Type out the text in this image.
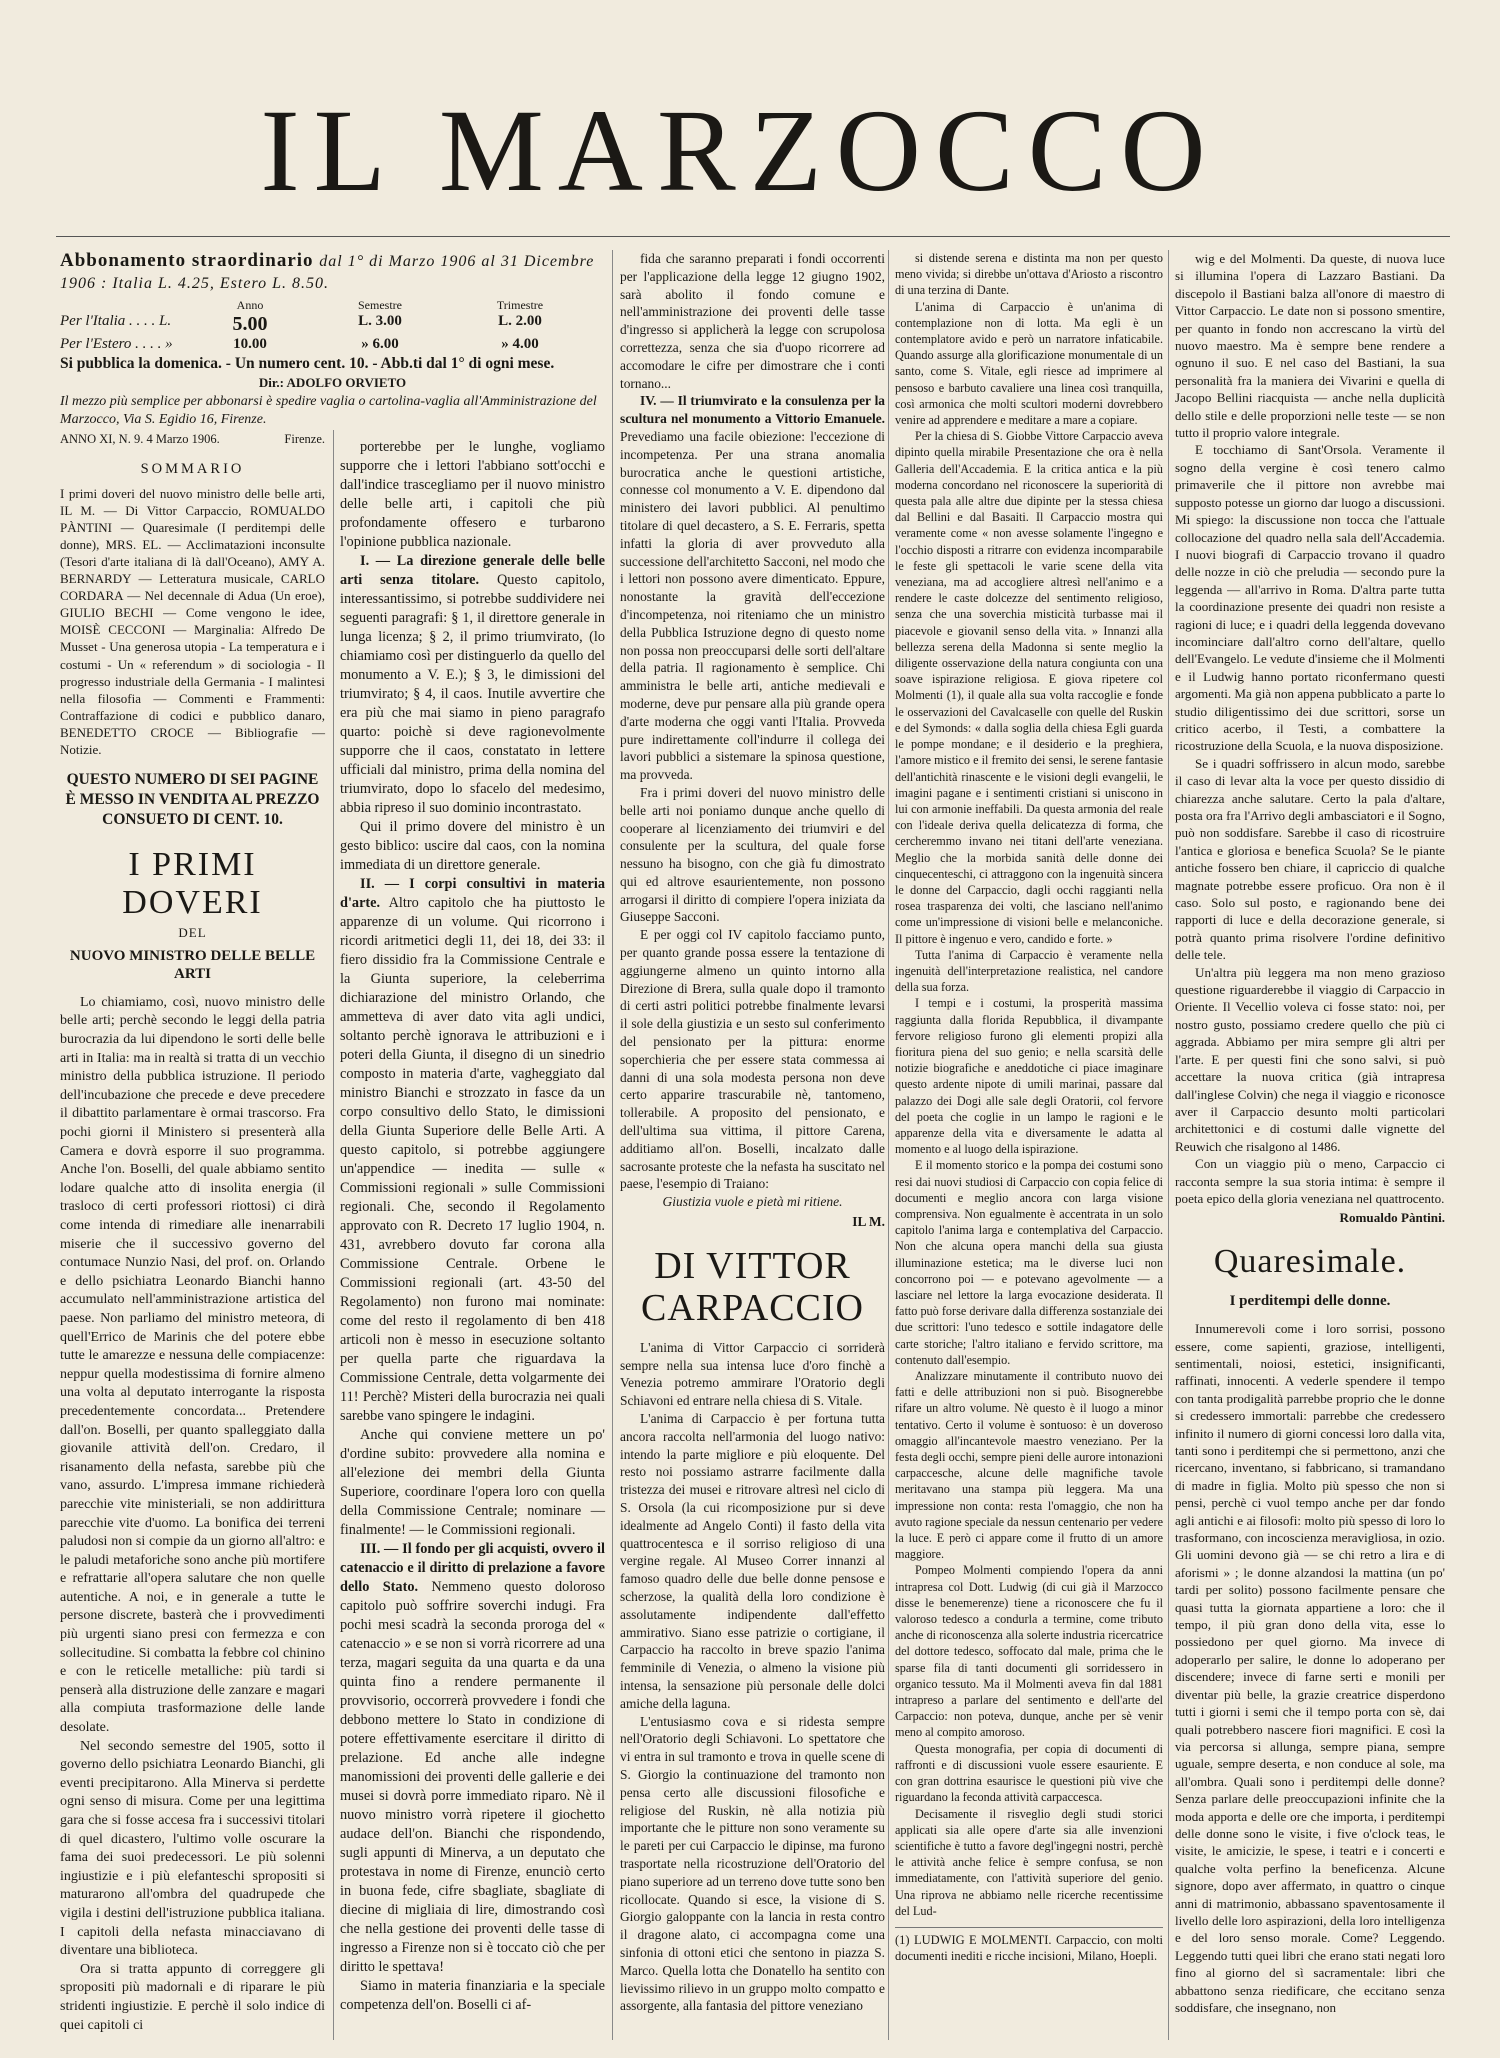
IL MARZOCCO
Abbonamento straordinario dal 1° di Marzo 1906 al 31 Dicembre 1906 : Italia L. 4.25, Estero L. 8.50.
Anno	Semestre	Trimestre
Per l'Italia . . . . L.	5.00	L. 3.00	L. 2.00
Per l'Estero . . . . »	10.00	» 6.00	» 4.00
Si pubblica la domenica. - Un numero cent. 10. - Abb.ti dal 1° di ogni mese.
Dir.: ADOLFO ORVIETO
Il mezzo più semplice per abbonarsi è spedire vaglia o cartolina-vaglia all'Amministrazione del Marzocco, Via S. Egidio 16, Firenze.
ANNO XI, N. 9. 4 Marzo 1906.	Firenze.
SOMMARIO
I primi doveri del nuovo ministro delle belle arti, IL M. — Di Vittor Carpaccio, ROMUALDO PÀNTINI — Quaresimale (I perditempi delle donne), MRS. EL. — Acclimatazioni inconsulte (Tesori d'arte italiana di là dall'Oceano), AMY A. BERNARDY — Letteratura musicale, CARLO CORDARA — Nel decennale di Adua (Un eroe), GIULIO BECHI — Come vengono le idee, MOISÈ CECCONI — Marginalia: Alfredo De Musset - Una generosa utopia - La temperatura e i costumi - Un « referendum » di sociologia - Il progresso industriale della Germania - I malintesi nella filosofia — Commenti e Frammenti: Contraffazione di codici e pubblico danaro, BENEDETTO CROCE — Bibliografie — Notizie.
QUESTO NUMERO DI SEI PAGINE È MESSO IN VENDITA AL PREZZO CONSUETO DI CENT. 10.
I PRIMI DOVERI
DEL
NUOVO MINISTRO DELLE BELLE ARTI

Lo chiamiamo, così, nuovo ministro delle belle arti; perchè secondo le leggi della patria burocrazia da lui dipendono le sorti delle belle arti in Italia: ma in realtà si tratta di un vecchio ministro della pubblica istruzione. Il periodo dell'incubazione che precede e deve precedere il dibattito parlamentare è ormai trascorso. Fra pochi giorni il Ministero si presenterà alla Camera e dovrà esporre il suo programma. Anche l'on. Boselli, del quale abbiamo sentito lodare qualche atto di insolita energia (il trasloco di certi professori riottosi) ci dirà come intenda di rimediare alle inenarrabili miserie che il successivo governo del contumace Nunzio Nasi, del prof. on. Orlando e dello psichiatra Leonardo Bianchi hanno accumulato nell'amministrazione artistica del paese. Non parliamo del ministro meteora, di quell'Errico de Marinis che del potere ebbe tutte le amarezze e nessuna delle compiacenze: neppur quella modestissima di fornire almeno una volta al deputato interrogante la risposta precedentemente concordata... Pretendere dall'on. Boselli, per quanto spalleggiato dalla giovanile attività dell'on. Credaro, il risanamento della nefasta, sarebbe più che vano, assurdo. L'impresa immane richiederà parecchie vite ministeriali, se non addirittura parecchie vite d'uomo. La bonifica dei terreni paludosi non si compie da un giorno all'altro: e le paludi metaforiche sono anche più mortifere e refrattarie all'opera salutare che non quelle autentiche. A noi, e in generale a tutte le persone discrete, basterà che i provvedimenti più urgenti siano presi con fermezza e con sollecitudine. Si combatta la febbre col chinino e con le reticelle metalliche: più tardi si penserà alla distruzione delle zanzare e magari alla compiuta trasformazione delle lande desolate.

Nel secondo semestre del 1905, sotto il governo dello psichiatra Leonardo Bianchi, gli eventi precipitarono. Alla Minerva si perdette ogni senso di misura. Come per una legittima gara che si fosse accesa fra i successivi titolari di quel dicastero, l'ultimo volle oscurare la fama dei suoi predecessori. Le più solenni ingiustizie e i più elefanteschi spropositi si maturarono all'ombra del quadrupede che vigila i destini dell'istruzione pubblica italiana. I capitoli della nefasta minacciavano di diventare una biblioteca.

Ora si tratta appunto di correggere gli spropositi più madornali e di riparare le più stridenti ingiustizie. E perchè il solo indice di quei capitoli ci

porterebbe per le lunghe, vogliamo supporre che i lettori l'abbiano sott'occhi e dall'indice trascegliamo per il nuovo ministro delle belle arti, i capitoli che più profondamente offesero e turbarono l'opinione pubblica nazionale.

I. — La direzione generale delle belle arti senza titolare. Questo capitolo, interessantissimo, si potrebbe suddividere nei seguenti paragrafi: § 1, il direttore generale in lunga licenza; § 2, il primo triumvirato, (lo chiamiamo così per distinguerlo da quello del monumento a V. E.); § 3, le dimissioni del triumvirato; § 4, il caos. Inutile avvertire che era più che mai siamo in pieno paragrafo quarto: poichè si deve ragionevolmente supporre che il caos, constatato in lettere ufficiali dal ministro, prima della nomina del triumvirato, dopo lo sfacelo del medesimo, abbia ripreso il suo dominio incontrastato.

Qui il primo dovere del ministro è un gesto biblico: uscire dal caos, con la nomina immediata di un direttore generale.

II. — I corpi consultivi in materia d'arte. Altro capitolo che ha piuttosto le apparenze di un volume. Qui ricorrono i ricordi aritmetici degli 11, dei 18, dei 33: il fiero dissidio fra la Commissione Centrale e la Giunta superiore, la celeberrima dichiarazione del ministro Orlando, che ammetteva di aver dato vita agli undici, soltanto perchè ignorava le attribuzioni e i poteri della Giunta, il disegno di un sinedrio composto in materia d'arte, vagheggiato dal ministro Bianchi e strozzato in fasce da un corpo consultivo dello Stato, le dimissioni della Giunta Superiore delle Belle Arti. A questo capitolo, si potrebbe aggiungere un'appendice — inedita — sulle « Commissioni regionali » sulle Commissioni regionali. Che, secondo il Regolamento approvato con R. Decreto 17 luglio 1904, n. 431, avrebbero dovuto far corona alla Commissione Centrale. Orbene le Commissioni regionali (art. 43-50 del Regolamento) non furono mai nominate: come del resto il regolamento di ben 418 articoli non è messo in esecuzione soltanto per quella parte che riguardava la Commissione Centrale, detta volgarmente dei 11! Perchè? Misteri della burocrazia nei quali sarebbe vano spingere le indagini.

Anche qui conviene mettere un po' d'ordine subito: provvedere alla nomina e all'elezione dei membri della Giunta Superiore, coordinare l'opera loro con quella della Commissione Centrale; nominare — finalmente! — le Commissioni regionali.

III. — Il fondo per gli acquisti, ovvero il catenaccio e il diritto di prelazione a favore dello Stato. Nemmeno questo doloroso capitolo può soffrire soverchi indugi. Fra pochi mesi scadrà la seconda proroga del « catenaccio » e se non si vorrà ricorrere ad una terza, magari seguita da una quarta e da una quinta fino a rendere permanente il provvisorio, occorrerà provvedere i fondi che debbono mettere lo Stato in condizione di potere effettivamente esercitare il diritto di prelazione. Ed anche alle indegne manomissioni dei proventi delle gallerie e dei musei si dovrà porre immediato riparo. Nè il nuovo ministro vorrà ripetere il giochetto audace dell'on. Bianchi che rispondendo, sugli appunti di Minerva, a un deputato che protestava in nome di Firenze, enunciò certo in buona fede, cifre sbagliate, sbagliate di diecine di migliaia di lire, dimostrando così che nella gestione dei proventi delle tasse di ingresso a Firenze non si è toccato ciò che per diritto le spettava!

Siamo in materia finanziaria e la speciale competenza dell'on. Boselli ci af-

fida che saranno preparati i fondi occorrenti per l'applicazione della legge 12 giugno 1902, sarà abolito il fondo comune e nell'amministrazione dei proventi delle tasse d'ingresso si applicherà la legge con scrupolosa correttezza, senza che sia d'uopo ricorrere ad accomodare le cifre per dimostrare che i conti tornano...

IV. — Il triumvirato e la consulenza per la scultura nel monumento a Vittorio Emanuele. Prevediamo una facile obiezione: l'eccezione di incompetenza. Per una strana anomalia burocratica anche le questioni artistiche, connesse col monumento a V. E. dipendono dal ministero dei lavori pubblici. Al penultimo titolare di quel decastero, a S. E. Ferraris, spetta infatti la gloria di aver provveduto alla successione dell'architetto Sacconi, nel modo che i lettori non possono avere dimenticato. Eppure, nonostante la gravità dell'eccezione d'incompetenza, noi riteniamo che un ministro della Pubblica Istruzione degno di questo nome non possa non preoccuparsi delle sorti dell'altare della patria. Il ragionamento è semplice. Chi amministra le belle arti, antiche medievali e moderne, deve pur pensare alla più grande opera d'arte moderna che oggi vanti l'Italia. Provveda pure indirettamente coll'indurre il collega dei lavori pubblici a sistemare la spinosa questione, ma provveda.

Fra i primi doveri del nuovo ministro delle belle arti noi poniamo dunque anche quello di cooperare al licenziamento dei triumviri e del consulente per la scultura, del quale forse nessuno ha bisogno, con che già fu dimostrato qui ed altrove esaurientemente, non possono arrogarsi il diritto di compiere l'opera iniziata da Giuseppe Sacconi.

E per oggi col IV capitolo facciamo punto, per quanto grande possa essere la tentazione di aggiungerne almeno un quinto intorno alla Direzione di Brera, sulla quale dopo il tramonto di certi astri politici potrebbe finalmente levarsi il sole della giustizia e un sesto sul conferimento del pensionato per la pittura: enorme soperchieria che per essere stata commessa ai danni di una sola modesta persona non deve certo apparire trascurabile nè, tantomeno, tollerabile. A proposito del pensionato, e dell'ultima sua vittima, il pittore Carena, additiamo all'on. Boselli, incalzato dalle sacrosante proteste che la nefasta ha suscitato nel paese, l'esempio di Traiano:

Giustizia vuole e pietà mi ritiene.
IL M.
DI VITTOR CARPACCIO

L'anima di Vittor Carpaccio ci sorriderà sempre nella sua intensa luce d'oro finchè a Venezia potremo ammirare l'Oratorio degli Schiavoni ed entrare nella chiesa di S. Vitale.

L'anima di Carpaccio è per fortuna tutta ancora raccolta nell'armonia del luogo nativo: intendo la parte migliore e più eloquente. Del resto noi possiamo astrarre facilmente dalla tristezza dei musei e ritrovare altresì nel ciclo di S. Orsola (la cui ricomposizione pur si deve idealmente ad Angelo Conti) il fasto della vita quattrocentesca e il sorriso religioso di una vergine regale. Al Museo Correr innanzi al famoso quadro delle due belle donne pensose e scherzose, la qualità della loro condizione è assolutamente indipendente dall'effetto ammirativo. Siano esse patrizie o cortigiane, il Carpaccio ha raccolto in breve spazio l'anima femminile di Venezia, o almeno la visione più intensa, la sensazione più personale delle dolci amiche della laguna.

L'entusiasmo cova e si ridesta sempre nell'Oratorio degli Schiavoni. Lo spettatore che vi entra in sul tramonto e trova in quelle scene di S. Giorgio la continuazione del tramonto non pensa certo alle discussioni filosofiche e religiose del Ruskin, nè alla notizia più importante che le pitture non sono veramente su le pareti per cui Carpaccio le dipinse, ma furono trasportate nella ricostruzione dell'Oratorio del piano superiore ad un terreno dove tutte sono ben ricollocate. Quando si esce, la visione di S. Giorgio galoppante con la lancia in resta contro il dragone alato, ci accompagna come una sinfonia di ottoni etici che sentono in piazza S. Marco. Quella lotta che Donatello ha sentito con lievissimo rilievo in un gruppo molto compatto e assorgente, alla fantasia del pittore veneziano

si distende serena e distinta ma non per questo meno vivida; si direbbe un'ottava d'Ariosto a riscontro di una terzina di Dante.

L'anima di Carpaccio è un'anima di contemplazione non di lotta. Ma egli è un contemplatore avido e però un narratore infaticabile. Quando assurge alla glorificazione monumentale di un santo, come S. Vitale, egli riesce ad imprimere al pensoso e barbuto cavaliere una linea così tranquilla, così armonica che molti scultori moderni dovrebbero venire ad apprendere e meditare a mare a copiare.

Per la chiesa di S. Giobbe Vittore Carpaccio aveva dipinto quella mirabile Presentazione che ora è nella Galleria dell'Accademia. E la critica antica e la più moderna concordano nel riconoscere la superiorità di questa pala alle altre due dipinte per la stessa chiesa dal Bellini e dal Basaiti. Il Carpaccio mostra qui veramente come « non avesse solamente l'ingegno e l'occhio disposti a ritrarre con evidenza incomparabile le feste gli spettacoli le varie scene della vita veneziana, ma ad accogliere altresì nell'animo e a rendere le caste dolcezze del sentimento religioso, senza che una soverchia misticità turbasse mai il piacevole e giovanil senso della vita. » Innanzi alla bellezza serena della Madonna si sente meglio la diligente osservazione della natura congiunta con una soave ispirazione religiosa. E giova ripetere col Molmenti (1), il quale alla sua volta raccoglie e fonde le osservazioni del Cavalcaselle con quelle del Ruskin e del Symonds: « dalla soglia della chiesa Egli guarda le pompe mondane; e il desiderio e la preghiera, l'amore mistico e il fremito dei sensi, le serene fantasie dell'antichità rinascente e le visioni degli evangelii, le imagini pagane e i sentimenti cristiani si uniscono in lui con armonie ineffabili. Da questa armonia del reale con l'ideale deriva quella delicatezza di forma, che cercheremmo invano nei titani dell'arte veneziana. Meglio che la morbida sanità delle donne dei cinquecenteschi, ci attraggono con la ingenuità sincera le donne del Carpaccio, dagli occhi raggianti nella rosea trasparenza dei volti, che lasciano nell'animo come un'impressione di visioni belle e melanconiche. Il pittore è ingenuo e vero, candido e forte. »

Tutta l'anima di Carpaccio è veramente nella ingenuità dell'interpretazione realistica, nel candore della sua forza.

I tempi e i costumi, la prosperità massima raggiunta dalla florida Repubblica, il divampante fervore religioso furono gli elementi propizi alla fioritura piena del suo genio; e nella scarsità delle notizie biografiche e aneddotiche ci piace imaginare questo ardente nipote di umili marinai, passare dal palazzo dei Dogi alle sale degli Oratorii, col fervore del poeta che coglie in un lampo le ragioni e le apparenze della vita e diversamente le adatta al momento e al luogo della ispirazione.

E il momento storico e la pompa dei costumi sono resi dai nuovi studiosi di Carpaccio con copia felice di documenti e meglio ancora con larga visione comprensiva. Non egualmente è accentrata in un solo capitolo l'anima larga e contemplativa del Carpaccio. Non che alcuna opera manchi della sua giusta illuminazione estetica; ma le diverse luci non concorrono poi — e potevano agevolmente — a lasciare nel lettore la larga evocazione desiderata. Il fatto può forse derivare dalla differenza sostanziale dei due scrittori: l'uno tedesco e sottile indagatore delle carte storiche; l'altro italiano e fervido scrittore, ma contenuto dall'esempio.

Analizzare minutamente il contributo nuovo dei fatti e delle attribuzioni non si può. Bisognerebbe rifare un altro volume. Nè questo è il luogo a minor tentativo. Certo il volume è sontuoso: è un doveroso omaggio all'incantevole maestro veneziano. Per la festa degli occhi, sempre pieni delle aurore intonazioni carpaccesche, alcune delle magnifiche tavole meritavano una stampa più leggera. Ma una impressione non conta: resta l'omaggio, che non ha avuto ragione speciale da nessun centenario per vedere la luce. E però ci appare come il frutto di un amore maggiore.

Pompeo Molmenti compiendo l'opera da anni intrapresa col Dott. Ludwig (di cui già il Marzocco disse le benemerenze) tiene a riconoscere che fu il valoroso tedesco a condurla a termine, come tributo anche di riconoscenza alla solerte industria ricercatrice del dottore tedesco, soffocato dal male, prima che le sparse fila di tanti documenti gli sorridessero in organico tessuto. Ma il Molmenti aveva fin dal 1881 intrapreso a parlare del sentimento e dell'arte del Carpaccio: non poteva, dunque, anche per sè venir meno al compito amoroso.

Questa monografia, per copia di documenti di raffronti e di discussioni vuole essere esauriente. E con gran dottrina esaurisce le questioni più vive che riguardano la feconda attività carpaccesca.

Decisamente il risveglio degli studi storici applicati sia alle opere d'arte sia alle invenzioni scientifiche è tutto a favore degl'ingegni nostri, perchè le attività anche felice è sempre confusa, se non immediatamente, con l'attività superiore del genio. Una riprova ne abbiamo nelle ricerche recentissime del Lud-

(1) LUDWIG E MOLMENTI. Carpaccio, con molti documenti inediti e ricche incisioni, Milano, Hoepli.

wig e del Molmenti. Da queste, di nuova luce si illumina l'opera di Lazzaro Bastiani. Da discepolo il Bastiani balza all'onore di maestro di Vittor Carpaccio. Le date non si possono smentire, per quanto in fondo non accrescano la virtù del nuovo maestro. Ma è sempre bene rendere a ognuno il suo. E nel caso del Bastiani, la sua personalità fra la maniera dei Vivarini e quella di Jacopo Bellini riacquista — anche nella duplicità dello stile e delle proporzioni nelle teste — se non tutto il proprio valore integrale.

E tocchiamo di Sant'Orsola. Veramente il sogno della vergine è così tenero calmo primaverile che il pittore non avrebbe mai supposto potesse un giorno dar luogo a discussioni. Mi spiego: la discussione non tocca che l'attuale collocazione del quadro nella sala dell'Accademia. I nuovi biografi di Carpaccio trovano il quadro delle nozze in ciò che preludia — secondo pure la leggenda — all'arrivo in Roma. D'altra parte tutta la coordinazione presente dei quadri non resiste a ragioni di luce; e i quadri della leggenda dovevano incominciare dall'altro corno dell'altare, quello dell'Evangelo. Le vedute d'insieme che il Molmenti e il Ludwig hanno portato riconfermano questi argomenti. Ma già non appena pubblicato a parte lo studio diligentissimo dei due scrittori, sorse un critico acerbo, il Testi, a combattere la ricostruzione della Scuola, e la nuova disposizione.

Se i quadri soffrissero in alcun modo, sarebbe il caso di levar alta la voce per questo dissidio di chiarezza anche salutare. Certo la pala d'altare, posta ora fra l'Arrivo degli ambasciatori e il Sogno, può non soddisfare. Sarebbe il caso di ricostruire l'antica e gloriosa e benefica Scuola? Se le piante antiche fossero ben chiare, il capriccio di qualche magnate potrebbe essere proficuo. Ora non è il caso. Solo sul posto, e ragionando bene dei rapporti di luce e della decorazione generale, si potrà quanto prima risolvere l'ordine definitivo delle tele.

Un'altra più leggera ma non meno grazioso questione riguarderebbe il viaggio di Carpaccio in Oriente. Il Vecellio voleva ci fosse stato: noi, per nostro gusto, possiamo credere quello che più ci aggrada. Abbiamo per mira sempre gli altri per l'arte. E per questi fini che sono salvi, si può accettare la nuova critica (già intrapresa dall'inglese Colvin) che nega il viaggio e riconosce aver il Carpaccio desunto molti particolari architettonici e di costumi dalle vignette del Reuwich che risalgono al 1486.

Con un viaggio più o meno, Carpaccio ci racconta sempre la sua storia intima: è sempre il poeta epico della gloria veneziana nel quattrocento.

Romualdo Pàntini.
Quaresimale.
I perditempi delle donne.

Innumerevoli come i loro sorrisi, possono essere, come sapienti, graziose, intelligenti, sentimentali, noiosi, estetici, insignificanti, raffinati, innocenti. A vederle spendere il tempo con tanta prodigalità parrebbe proprio che le donne si credessero immortali: parrebbe che credessero infinito il numero di giorni concessi loro dalla vita, tanti sono i perditempi che si permettono, anzi che ricercano, inventano, si fabbricano, si tramandano di madre in figlia. Molto più spesso che non si pensi, perchè ci vuol tempo anche per dar fondo agli antichi e ai filosofi: molto più spesso di loro lo trasformano, con incoscienza meravigliosa, in ozio. Gli uomini devono già — se chi retro a lira e di aforismi » ; le donne alzandosi la mattina (un po' tardi per solito) possono facilmente pensare che quasi tutta la giornata appartiene a loro: che il tempo, il più gran dono della vita, esse lo possiedono per quel giorno. Ma invece di adoperarlo per salire, le donne lo adoperano per discendere; invece di farne serti e monili per diventar più belle, la grazie creatrice disperdono tutti i giorni i semi che il tempo porta con sè, dai quali potrebbero nascere fiori magnifici. E così la via percorsa si allunga, sempre piana, sempre uguale, sempre deserta, e non conduce al sole, ma all'ombra. Quali sono i perditempi delle donne? Senza parlare delle preoccupazioni infinite che la moda apporta e delle ore che importa, i perditempi delle donne sono le visite, i five o'clock teas, le visite, le amicizie, le spese, i teatri e i concerti e qualche volta perfino la beneficenza. Alcune signore, dopo aver affermato, in quattro o cinque anni di matrimonio, abbassano spaventosamente il livello delle loro aspirazioni, della loro intelligenza e del loro senso morale. Come? Leggendo. Leggendo tutti quei libri che erano stati negati loro fino al giorno del sì sacramentale: libri che abbattono senza riedificare, che eccitano senza soddisfare, che insegnano, non
